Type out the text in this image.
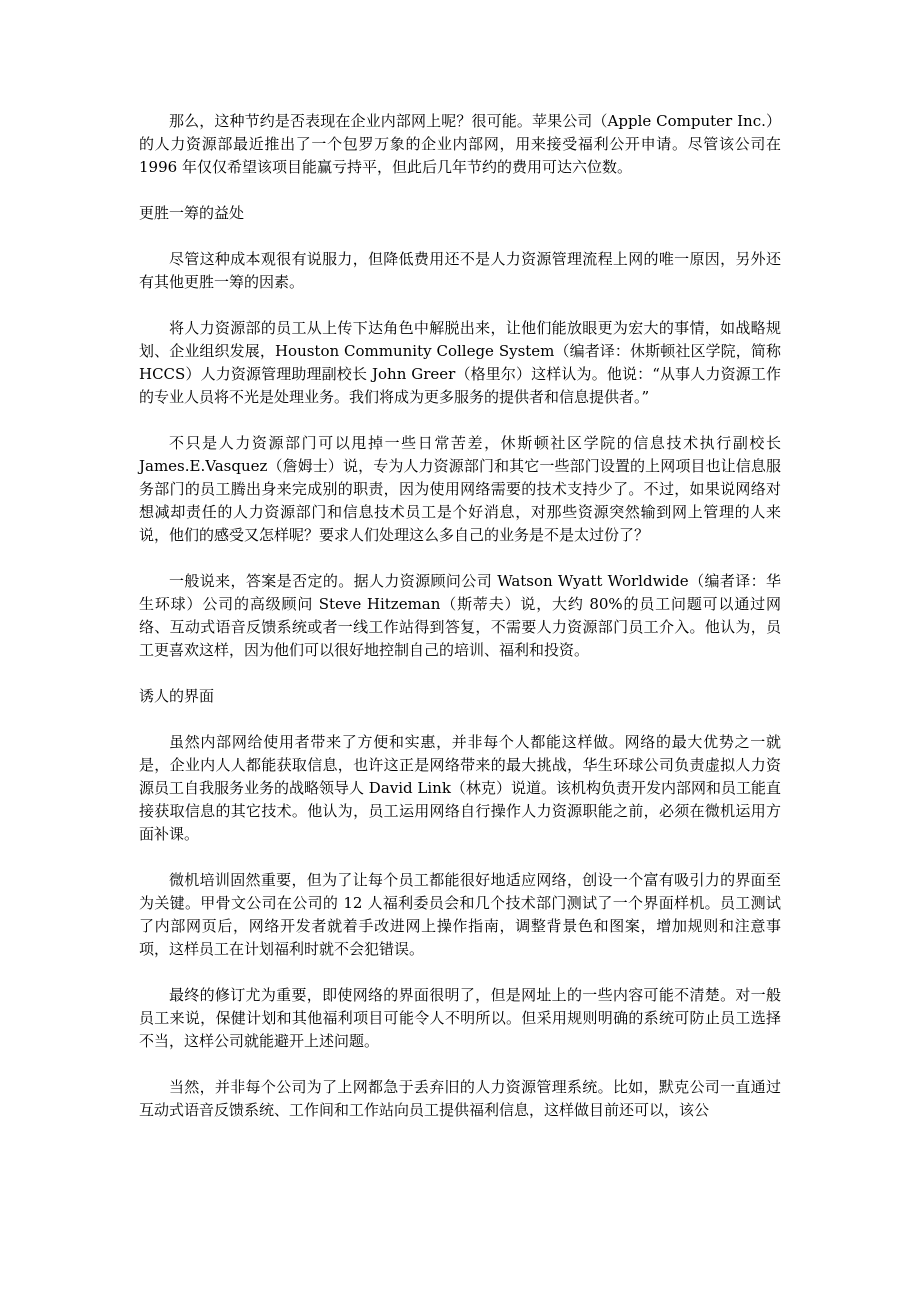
那么，这种节约是否表现在企业内部网上呢？很可能。苹果公司（Apple Computer Inc.）的人力资源部最近推出了一个包罗万象的企业内部网，用来接受福利公开申请。尽管该公司在 1996 年仅仅希望该项目能赢亏持平，但此后几年节约的费用可达六位数。

更胜一筹的益处

尽管这种成本观很有说服力，但降低费用还不是人力资源管理流程上网的唯一原因，另外还有其他更胜一筹的因素。

将人力资源部的员工从上传下达角色中解脱出来，让他们能放眼更为宏大的事情，如战略规划、企业组织发展，Houston Community College System（编者译：休斯顿社区学院，简称 HCCS）人力资源管理助理副校长 John Greer（格里尔）这样认为。他说：“从事人力资源工作的专业人员将不光是处理业务。我们将成为更多服务的提供者和信息提供者。”

不只是人力资源部门可以甩掉一些日常苦差，休斯顿社区学院的信息技术执行副校长 James.E.Vasquez（詹姆士）说，专为人力资源部门和其它一些部门设置的上网项目也让信息服务部门的员工腾出身来完成别的职责，因为使用网络需要的技术支持少了。不过，如果说网络对想减却责任的人力资源部门和信息技术员工是个好消息，对那些资源突然输到网上管理的人来说，他们的感受又怎样呢？要求人们处理这么多自己的业务是不是太过份了？

一般说来，答案是否定的。据人力资源顾问公司 Watson Wyatt Worldwide（编者译：华生环球）公司的高级顾问 Steve Hitzeman（斯蒂夫）说，大约 80%的员工问题可以通过网络、互动式语音反馈系统或者一线工作站得到答复，不需要人力资源部门员工介入。他认为，员工更喜欢这样，因为他们可以很好地控制自己的培训、福利和投资。

诱人的界面

虽然内部网给使用者带来了方便和实惠，并非每个人都能这样做。网络的最大优势之一就是，企业内人人都能获取信息，也许这正是网络带来的最大挑战，华生环球公司负责虚拟人力资源员工自我服务业务的战略领导人 David Link（林克）说道。该机构负责开发内部网和员工能直接获取信息的其它技术。他认为，员工运用网络自行操作人力资源职能之前，必须在微机运用方面补课。

微机培训固然重要，但为了让每个员工都能很好地适应网络，创设一个富有吸引力的界面至为关键。甲骨文公司在公司的 12 人福利委员会和几个技术部门测试了一个界面样机。员工测试了内部网页后，网络开发者就着手改进网上操作指南，调整背景色和图案，增加规则和注意事项，这样员工在计划福利时就不会犯错误。

最终的修订尤为重要，即使网络的界面很明了，但是网址上的一些内容可能不清楚。对一般员工来说，保健计划和其他福利项目可能令人不明所以。但采用规则明确的系统可防止员工选择不当，这样公司就能避开上述问题。

当然，并非每个公司为了上网都急于丢弃旧的人力资源管理系统。比如，默克公司一直通过互动式语音反馈系统、工作间和工作站向员工提供福利信息，这样做目前还可以，该公
